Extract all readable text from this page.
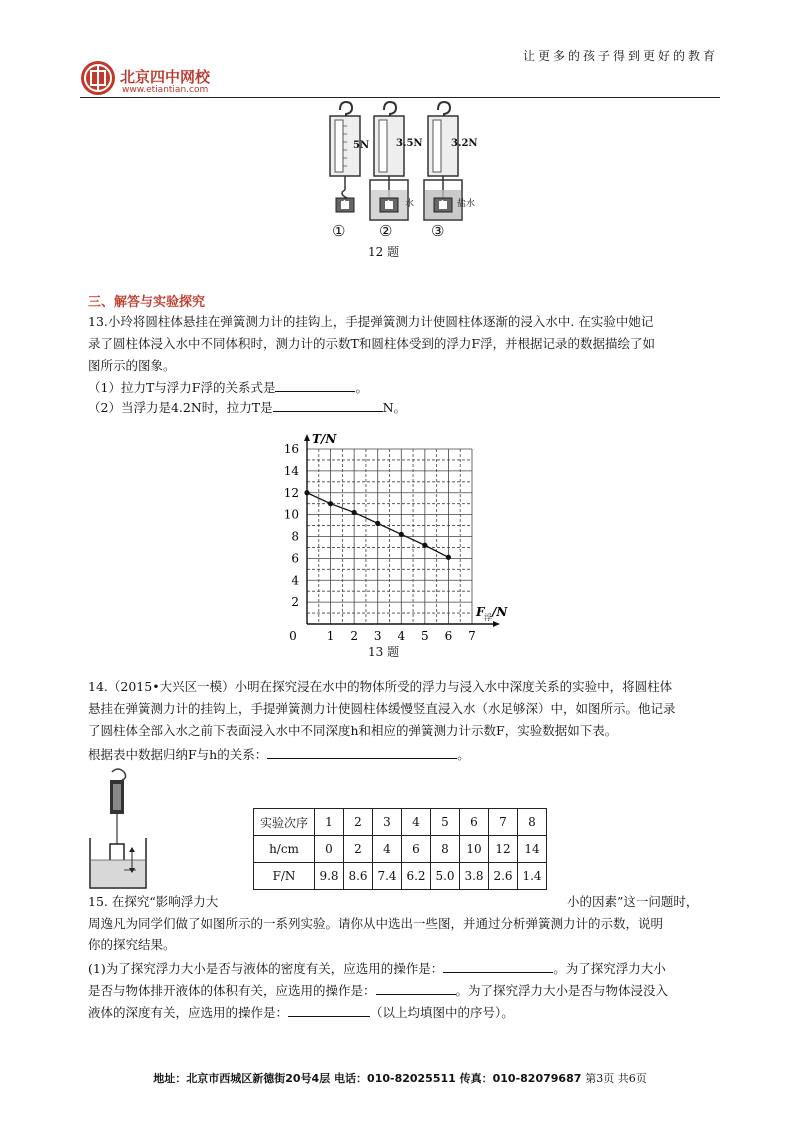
让更多的孩子得到更好的教育
北京四中网校
www.etiantian.com
5N	3.5N	3.2N
A	A	A
水	盐水
① ②	③
12 题
三、解答与实验探究
13.小玲将圆柱体悬挂在弹簧测力计的挂钩上，手提弹簧测力计使圆柱体逐渐的浸入水中. 在实验中她记
录了圆柱体浸入水中不同体积时，测力计的示数T和圆柱体受到的浮力F浮，并根据记录的数据描绘了如
图所示的图象。
（1）拉力T与浮力F浮的关系式是	。
（2）当浮力是4.2N时，拉力T是	N。
2
4
6
8
10
12
14
16
1 2 3 4 5 6 7
0
T/N
F 浮 /N
13 题
14.（2015•大兴区一模）小明在探究浸在水中的物体所受的浮力与浸入水中深度关系的实验中，将圆柱体
悬挂在弹簧测力计的挂钩上，手提弹簧测力计使圆柱体缓慢竖直浸入水（水足够深）中，如图所示。他记录
了圆柱体全部入水之前下表面浸入水中不同深度h和相应的弹簧测力计示数F，实验数据如下表。
根据表中数据归纳F与h的关系：	。
实验次序	1	2	3	4	5	6	7	8
h/cm	0	2	4	6	8	10	12	14
F/N	9.8	8.6	7.4	6.2	5.0	3.8	2.6	1.4
15. 在探究“影响浮力大	小的因素”这一问题时，
周逸凡为同学们做了如图所示的一系列实验。请你从中选出一些图，并通过分析弹簧测力计的示数，说明
你的探究结果。
(1)为了探究浮力大小是否与液体的密度有关，应选用的操作是：	。为了探究浮力大小
是否与物体排开液体的体积有关，应选用的操作是：	。为了探究浮力大小是否与物体浸没入
液体的深度有关，应选用的操作是：	（以上均填图中的序号）。
地址：北京市西城区新德街20号4层 电话：010-82025511 传真：010-82079687 第3页 共6页
